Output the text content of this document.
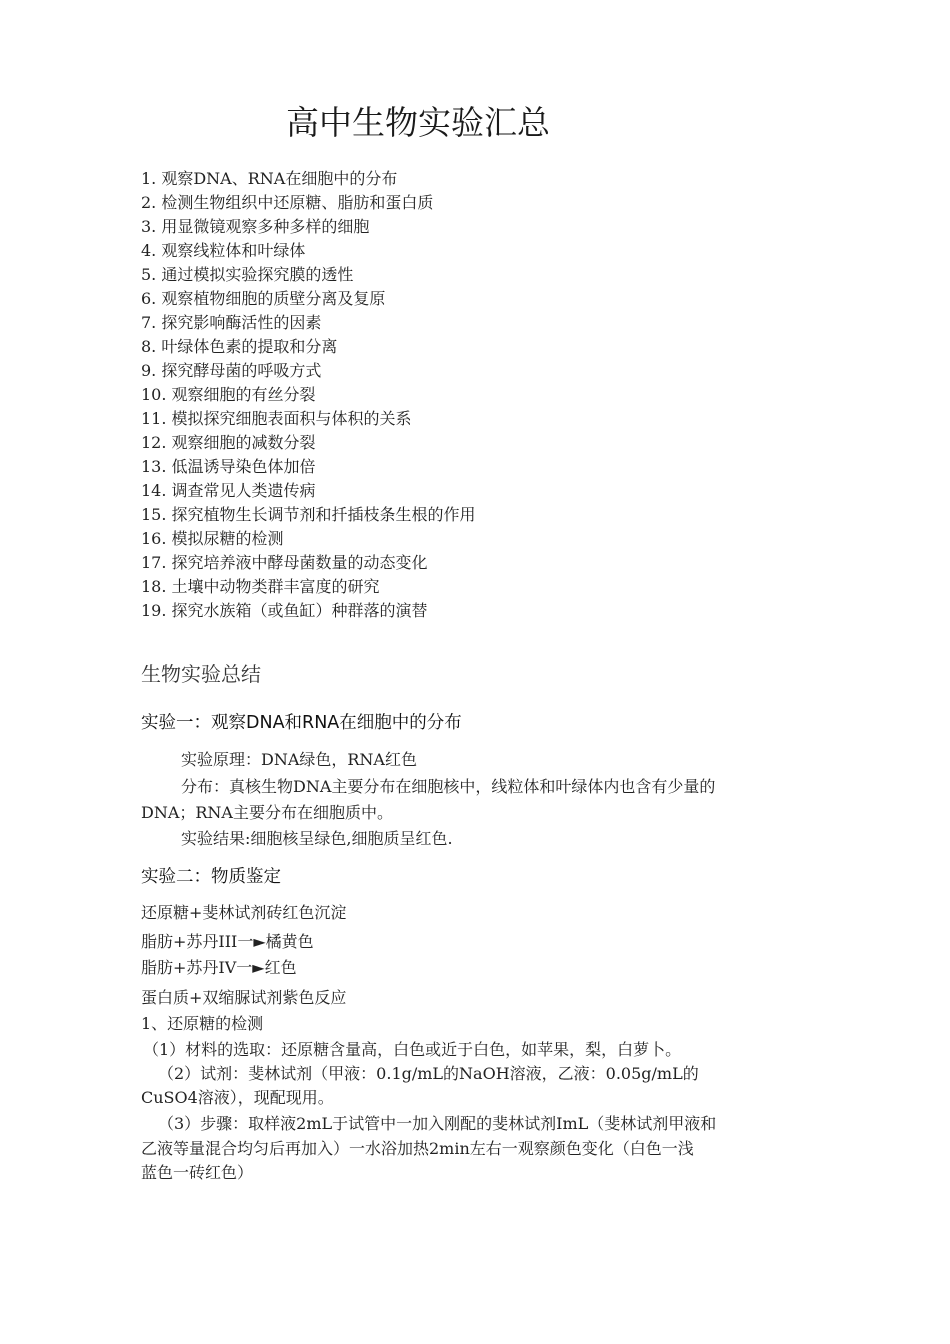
高中生物实验汇总
1. 观察DNA、RNA在细胞中的分布
2. 检测生物组织中还原糖、脂肪和蛋白质
3. 用显微镜观察多种多样的细胞
4. 观察线粒体和叶绿体
5. 通过模拟实验探究膜的透性
6. 观察植物细胞的质壁分离及复原
7. 探究影响酶活性的因素
8. 叶绿体色素的提取和分离
9. 探究酵母菌的呼吸方式
10. 观察细胞的有丝分裂
11. 模拟探究细胞表面积与体积的关系
12. 观察细胞的减数分裂
13. 低温诱导染色体加倍
14. 调查常见人类遗传病
15. 探究植物生长调节剂和扦插枝条生根的作用
16. 模拟尿糖的检测
17. 探究培养液中酵母菌数量的动态变化
18. 土壤中动物类群丰富度的研究
19. 探究水族箱（或鱼缸）种群落的演替
生物实验总结
实验一：观察DNA和RNA在细胞中的分布
实验原理：DNA绿色，RNA红色
分布：真核生物DNA主要分布在细胞核中，线粒体和叶绿体内也含有少量的
DNA；RNA主要分布在细胞质中。
实验结果:细胞核呈绿色,细胞质呈红色.
实验二：物质鉴定
还原糖+斐林试剂砖红色沉淀
脂肪+苏丹III一►橘黄色
脂肪+苏丹IV一►红色
蛋白质+双缩脲试剂紫色反应
1、还原糖的检测
（1）材料的选取：还原糖含量高，白色或近于白色，如苹果，梨，白萝卜。
（2）试剂：斐林试剂（甲液：0.1g/mL的NaOH溶液，乙液：0.05g/mL的
CuSO4溶液），现配现用。
（3）步骤：取样液2mL于试管中一加入刚配的斐林试剂ImL（斐林试剂甲液和
乙液等量混合均匀后再加入）一水浴加热2min左右一观察颜色变化（白色一浅
蓝色一砖红色）
